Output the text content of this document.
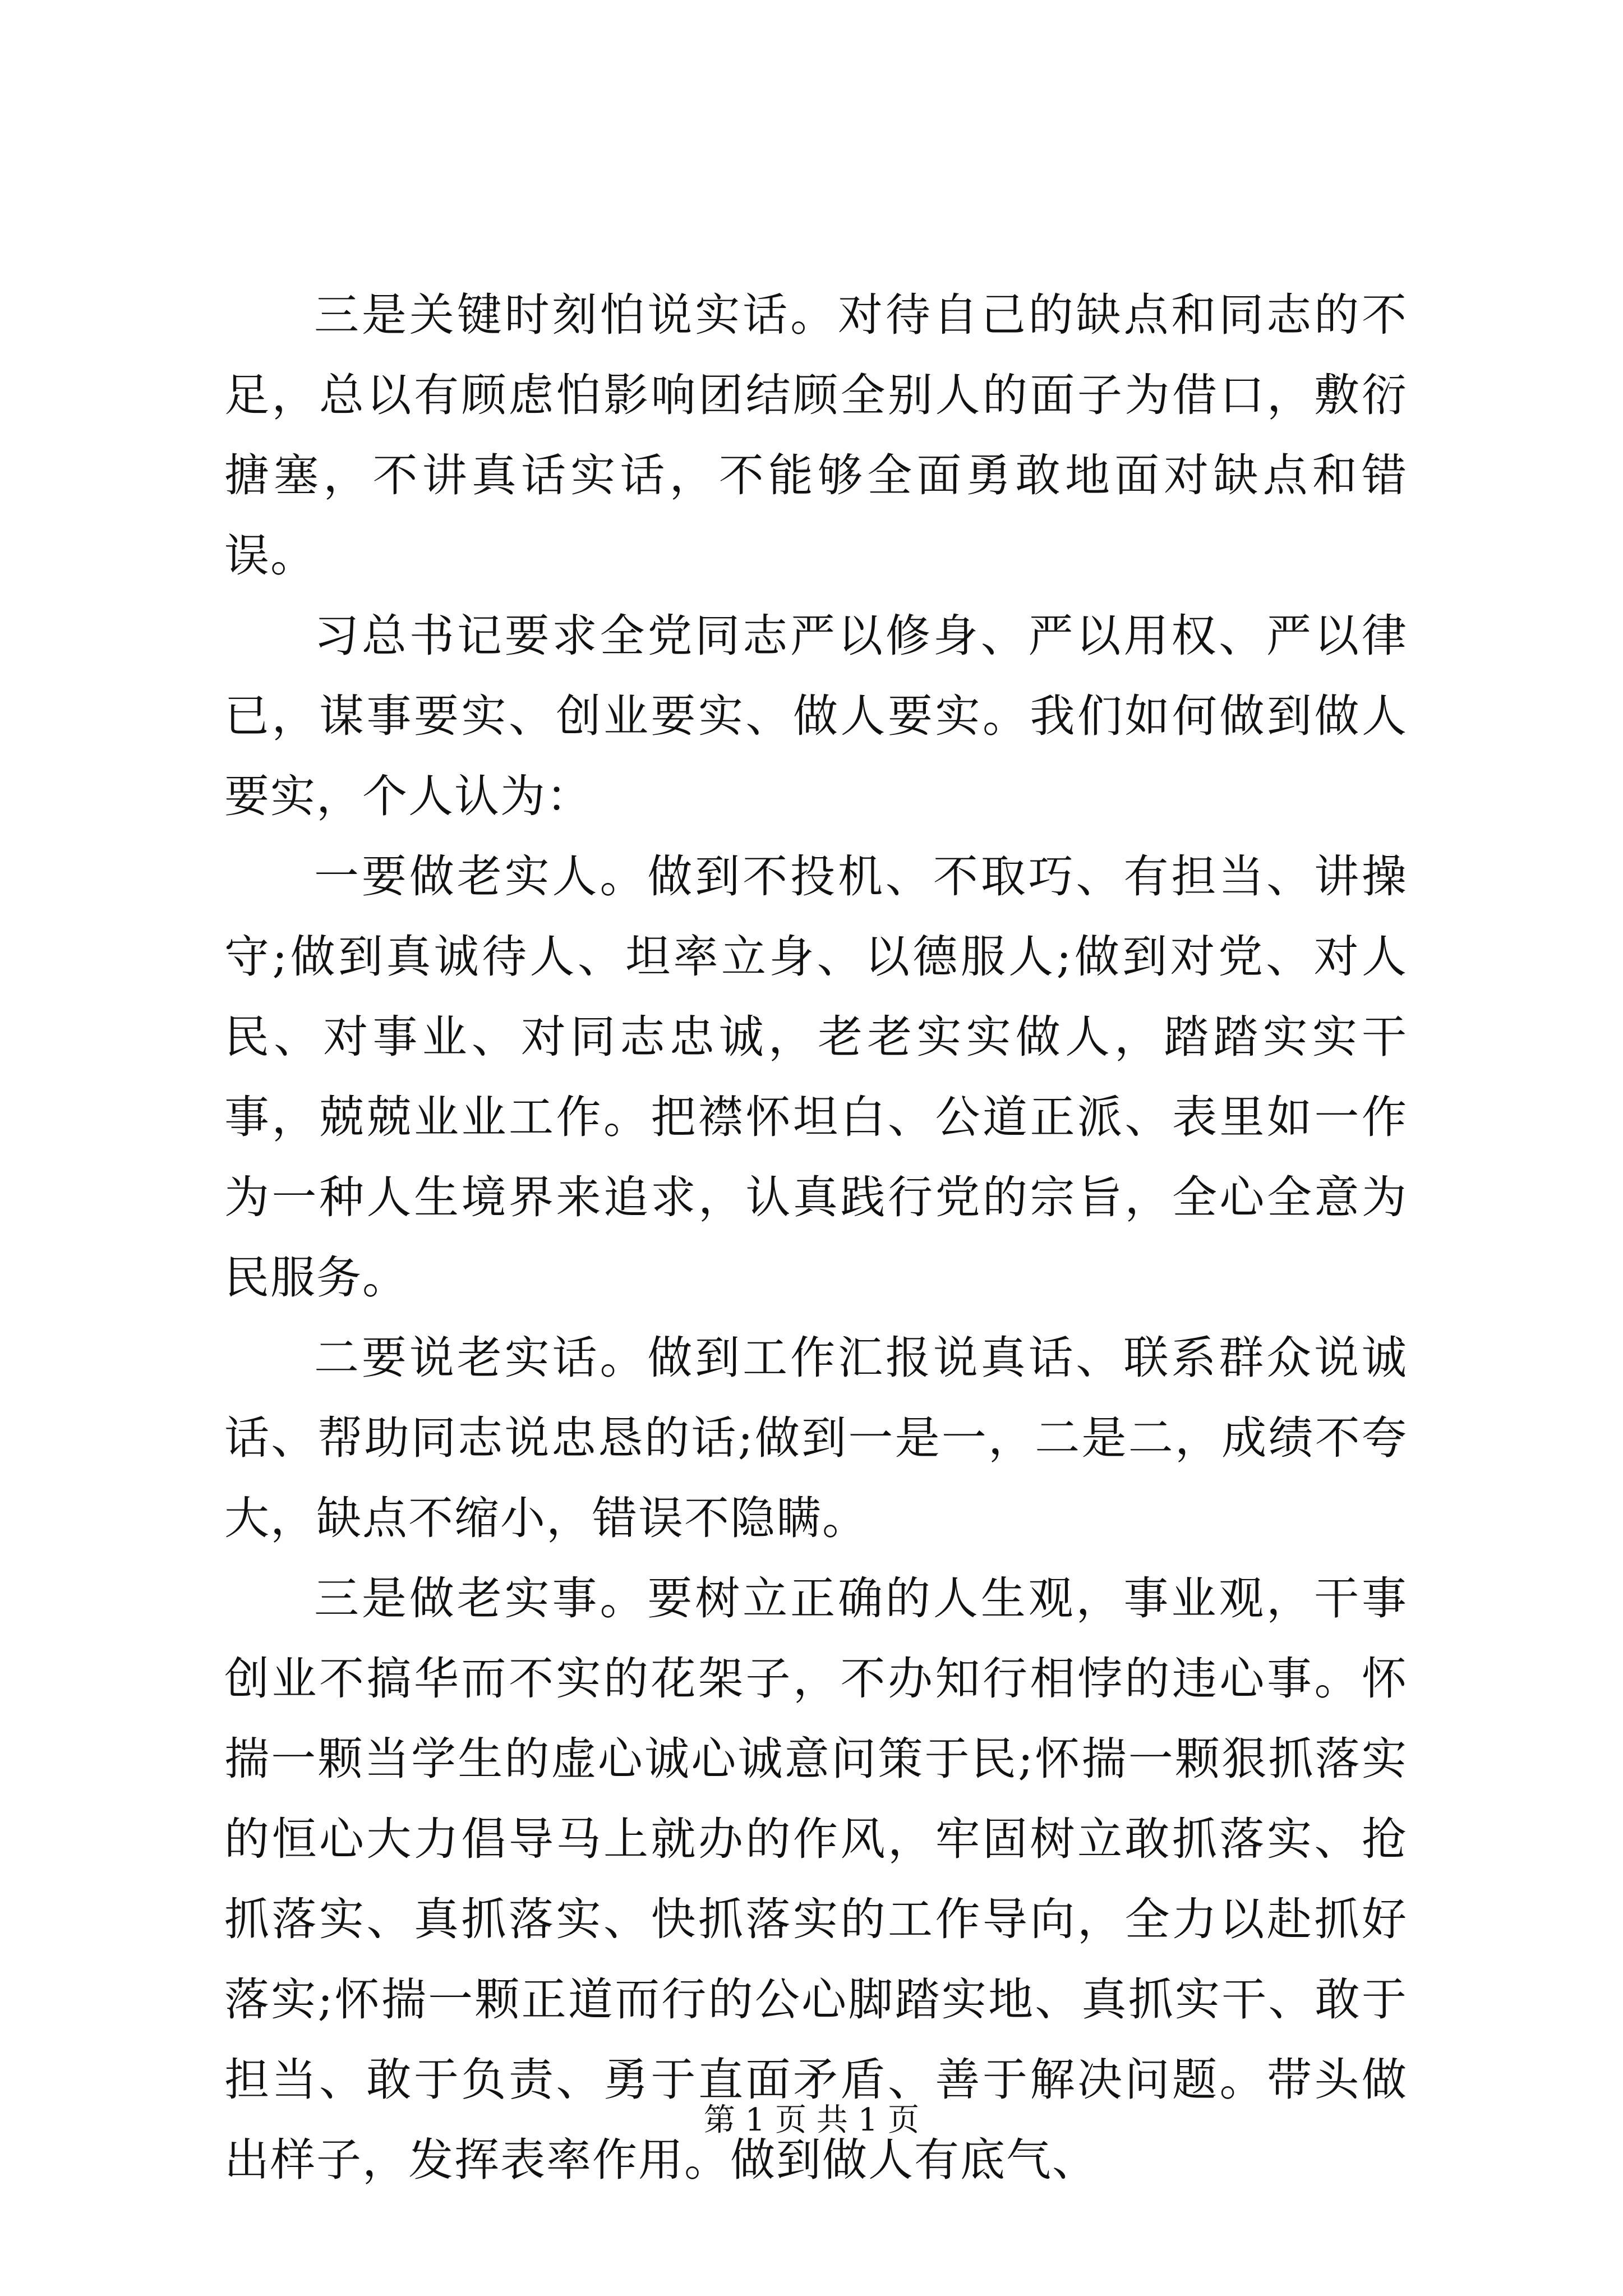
三是关键时刻怕说实话。对待自己的缺点和同志的不足，总以有顾虑怕影响团结顾全别人的面子为借口，敷衍搪塞，不讲真话实话，不能够全面勇敢地面对缺点和错误。

习总书记要求全党同志严以修身、严以用权、严以律已，谋事要实、创业要实、做人要实。我们如何做到做人要实，个人认为：

一要做老实人。做到不投机、不取巧、有担当、讲操守;做到真诚待人、坦率立身、以德服人;做到对党、对人民、对事业、对同志忠诚，老老实实做人，踏踏实实干事，兢兢业业工作。把襟怀坦白、公道正派、表里如一作为一种人生境界来追求，认真践行党的宗旨，全心全意为民服务。

二要说老实话。做到工作汇报说真话、联系群众说诚话、帮助同志说忠恳的话;做到一是一，二是二，成绩不夸大，缺点不缩小，错误不隐瞒。

三是做老实事。要树立正确的人生观，事业观，干事创业不搞华而不实的花架子，不办知行相悖的违心事。怀揣一颗当学生的虚心诚心诚意问策于民;怀揣一颗狠抓落实的恒心大力倡导马上就办的作风，牢固树立敢抓落实、抢抓落实、真抓落实、快抓落实的工作导向，全力以赴抓好落实;怀揣一颗正道而行的公心脚踏实地、真抓实干、敢于担当、敢于负责、勇于直面矛盾、善于解决问题。带头做出样子，发挥表率作用。做到做人有底气、

第 1 页 共 1 页
